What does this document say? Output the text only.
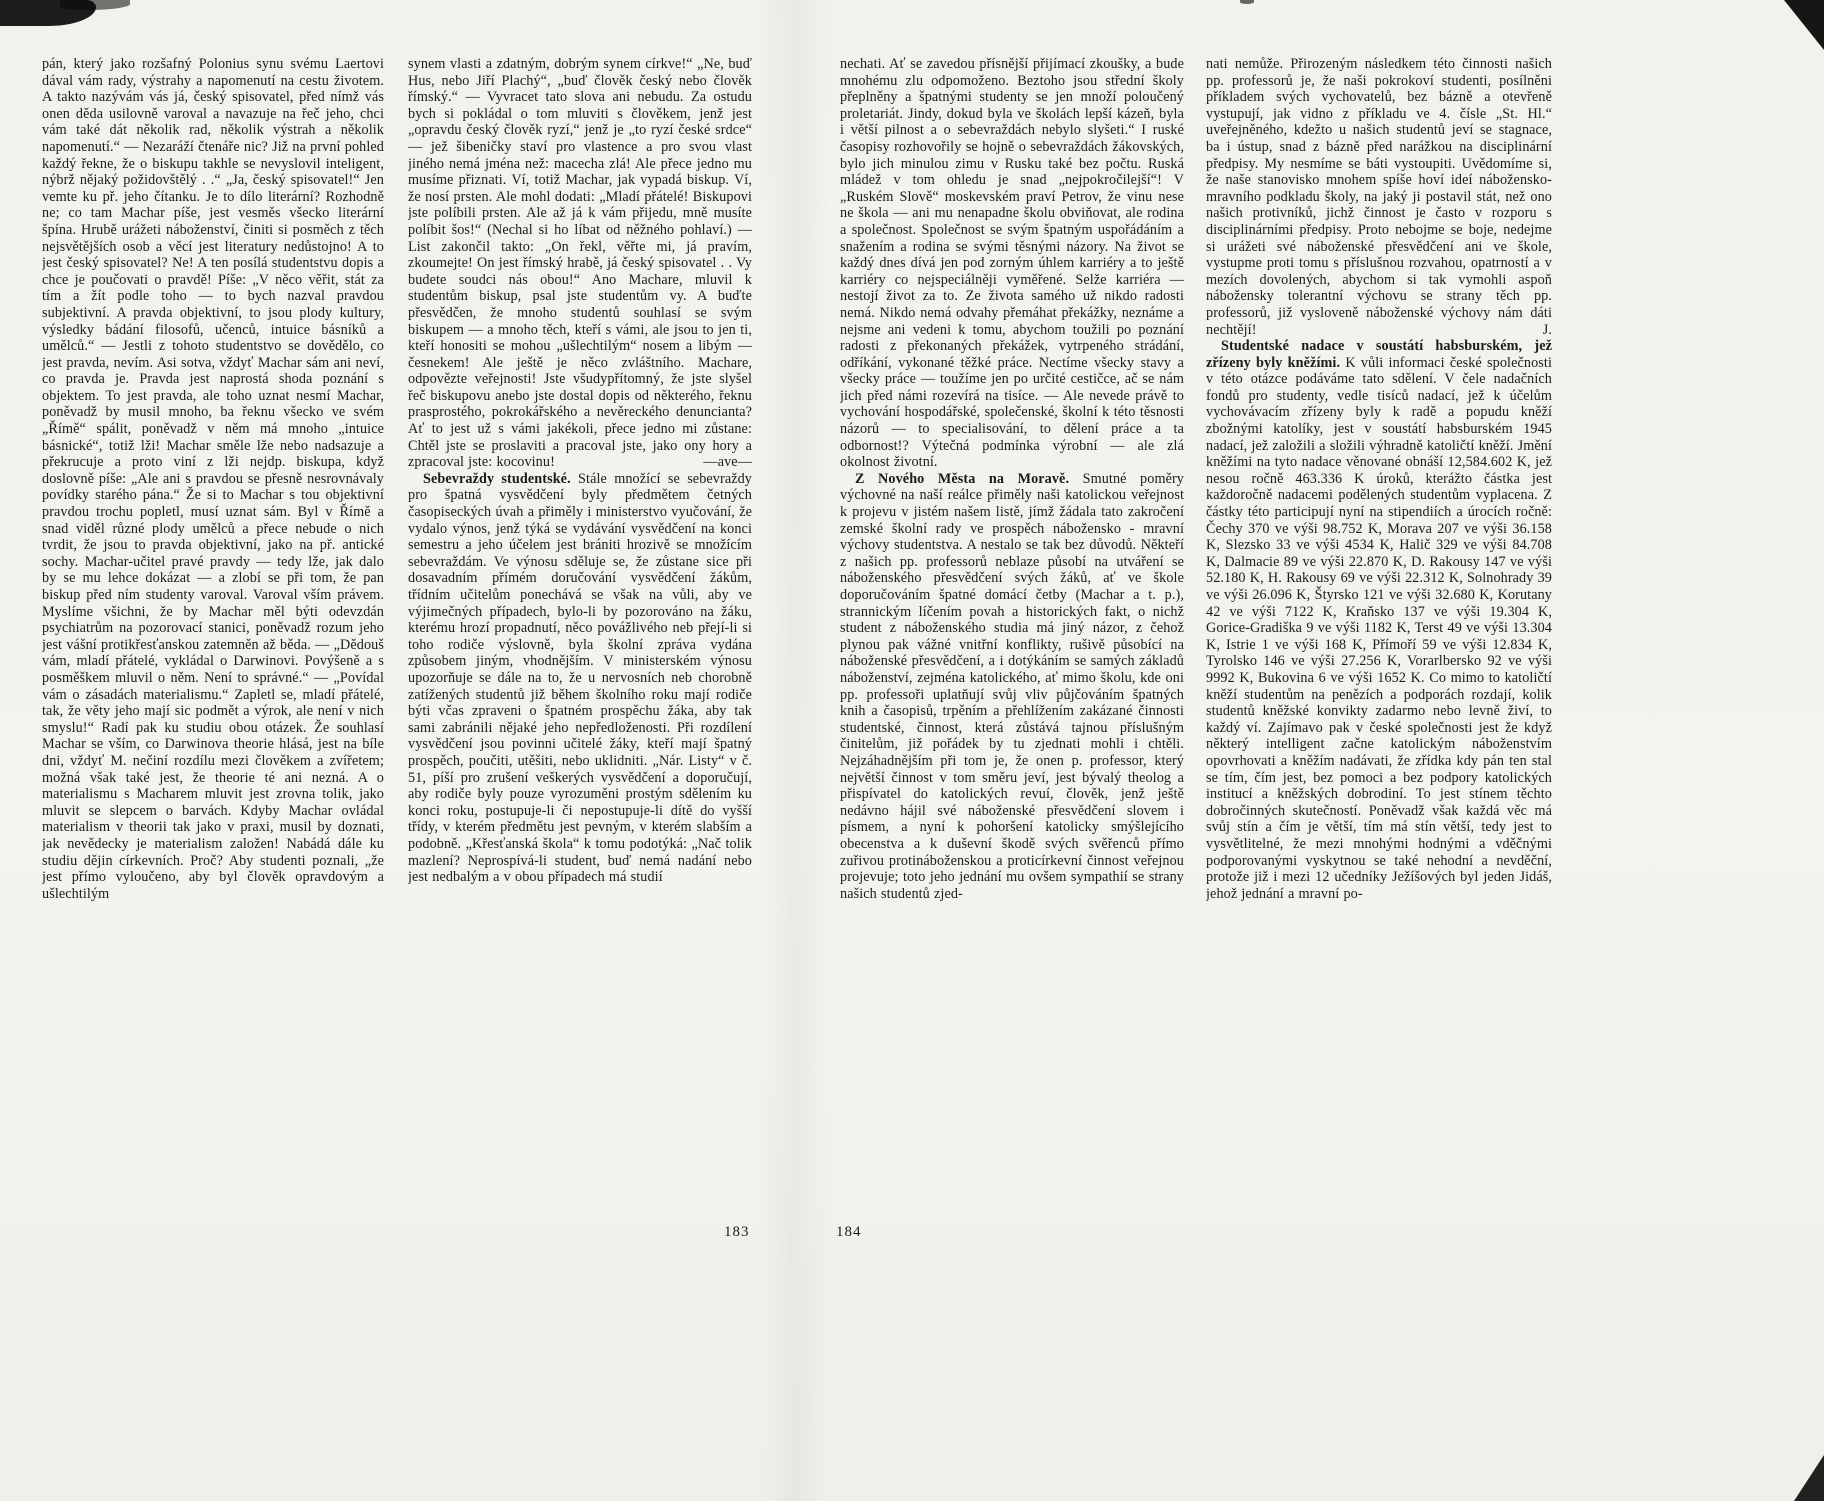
pán, který jako rozšafný Polonius synu svému Laertovi dával vám rady, výstrahy a napomenutí na cestu životem. A takto nazývám vás já, český spisovatel, před nímž vás onen děda usilovně varoval a navazuje na řeč jeho, chci vám také dát několik rad, několik výstrah a několik napomenutí.“ — Nezaráží čtenáře nic? Již na první pohled každý řekne, že o biskupu takhle se nevyslovil inteligent, nýbrž nějaký požidovštělý . .“ „Ja, český spisovatel!“ Jen vemte ku př. jeho čítanku. Je to dílo literární? Rozhodně ne; co tam Machar píše, jest vesměs všecko literární špína. Hrubě urážeti náboženství, činiti si posměch z těch nejsvětějších osob a věcí jest literatury nedůstojno! A to jest český spisovatel? Ne! A ten posílá studentstvu dopis a chce je poučovati o pravdě! Píše: „V něco věřit, stát za tím a žít podle toho — to bych nazval pravdou subjektivní. A pravda objektivní, to jsou plody kultury, výsledky bádání filosofů, učenců, intuice básníků a umělců.“ — Jestli z tohoto studentstvo se dovědělo, co jest pravda, nevím. Asi sotva, vždyť Machar sám ani neví, co pravda je. Pravda jest naprostá shoda poznání s objektem. To jest pravda, ale toho uznat nesmí Machar, poněvadž by musil mnoho, ba řeknu všecko ve svém „Římě“ spálit, poněvadž v něm má mnoho „intuice básnické“, totiž lži! Machar směle lže nebo nadsazuje a překrucuje a proto viní z lži nejdp. biskupa, když doslovně píše: „Ale ani s pravdou se přesně nesrovnávaly povídky starého pána.“ Že si to Machar s tou objektivní pravdou trochu popletl, musí uznat sám. Byl v Římě a snad viděl různé plody umělců a přece nebude o nich tvrdit, že jsou to pravda objektivní, jako na př. antické sochy. Machar-učitel pravé pravdy — tedy lže, jak dalo by se mu lehce dokázat — a zlobí se při tom, že pan biskup před ním studenty varoval. Varoval vším právem. Myslíme všichni, že by Machar měl býti odevzdán psychiatrům na pozorovací stanici, poněvadž rozum jeho jest vášní protikřesťanskou zatemněn až běda. — „Dědouš vám, mladí přátelé, vykládal o Darwinovi. Povýšeně a s posměškem mluvil o něm. Není to správné.“ — „Povídal vám o zásadách materialismu.“ Zapletl se, mladí přátelé, tak, že věty jeho mají sic podmět a výrok, ale není v nich smyslu!“ Radí pak ku studiu obou otázek. Že souhlasí Machar se vším, co Darwinova theorie hlásá, jest na bíle dni, vždyť M. nečiní rozdílu mezi člověkem a zvířetem; možná však také jest, že theorie té ani nezná. A o materialismu s Macharem mluvit jest zrovna tolik, jako mluvit se slepcem o barvách. Kdyby Machar ovládal materialism v theorii tak jako v praxi, musil by doznati, jak nevědecky je materialism založen! Nabádá dále ku studiu dějin církevních. Proč? Aby studenti poznali, „že jest přímo vyloučeno, aby byl člověk opravdovým a ušlechtilým

synem vlasti a zdatným, dobrým synem církve!“ „Ne, buď Hus, nebo Jiří Plachý“, „buď člověk český nebo člověk římský.“ — Vyvracet tato slova ani nebudu. Za ostudu bych si pokládal o tom mluviti s člověkem, jenž jest „opravdu český člověk ryzí,“ jenž je „to ryzí české srdce“ — jež šibeničky staví pro vlastence a pro svou vlast jiného nemá jména než: macecha zlá! Ale přece jedno mu musíme přiznati. Ví, totiž Machar, jak vypadá biskup. Ví, že nosí prsten. Ale mohl dodati: „Mladí přátelé! Biskupovi jste políbili prsten. Ale až já k vám přijedu, mně musíte políbit šos!“ (Nechal si ho líbat od něžného pohlaví.) — List zakončil takto: „On řekl, věřte mi, já pravím, zkoumejte! On jest římský hrabě, já český spisovatel . . Vy budete soudci nás obou!“ Ano Machare, mluvil k studentům biskup, psal jste studentům vy. A buďte přesvědčen, že mnoho studentů souhlasí se svým biskupem — a mnoho těch, kteří s vámi, ale jsou to jen ti, kteří honositi se mohou „ušlechtilým“ nosem a libým — česnekem! Ale ještě je něco zvláštního. Machare, odpovězte veřejnosti! Jste všudypřítomný, že jste slyšel řeč biskupovu anebo jste dostal dopis od některého, řeknu prasprostého, pokrokářského a nevěreckého denuncianta? Ať to jest už s vámi jakékoli, přece jedno mi zůstane: Chtěl jste se proslaviti a pracoval jste, jako ony hory a zpracoval jste: kocovinu!	—ave—

Sebevraždy studentské. Stále množící se sebevraždy pro špatná vysvědčení byly předmětem četných časopiseckých úvah a přiměly i ministerstvo vyučování, že vydalo výnos, jenž týká se vydávání vysvědčení na konci semestru a jeho účelem jest brániti hrozivě se množícím sebevraždám. Ve výnosu sděluje se, že zůstane sice při dosavadním přímém doručování vysvědčení žákům, třídním učitelům ponechává se však na vůli, aby ve výjimečných případech, bylo-li by pozorováno na žáku, kterému hrozí propadnutí, něco povážlivého neb přejí-li si toho rodiče výslovně, byla školní zpráva vydána způsobem jiným, vhodnějším. V ministerském výnosu upozorňuje se dále na to, že u nervosních neb chorobně zatížených studentů již během školního roku mají rodiče býti včas zpraveni o špatném prospěchu žáka, aby tak sami zabránili nějaké jeho nepředloženosti. Při rozdílení vysvědčení jsou povinni učitelé žáky, kteří mají špatný prospěch, poučiti, utěšiti, nebo uklidniti. „Nár. Listy“ v č. 51, píší pro zrušení veškerých vysvědčení a doporučují, aby rodiče byly pouze vyrozuměni prostým sdělením ku konci roku, postupuje-li či nepostupuje-li dítě do vyšší třídy, v kterém předmětu jest pevným, v kterém slabším a podobně. „Křesťanská škola“ k tomu podotýká: „Nač tolik mazlení? Neprospívá-li student, buď nemá nadání nebo jest nedbalým a v obou případech má studií

183

nechati. Ať se zavedou přísnější přijímací zkoušky, a bude mnohému zlu odpomoženo. Beztoho jsou střední školy přeplněny a špatnými studenty se jen množí poloučený proletariát. Jindy, dokud byla ve školách lepší kázeň, byla i větší pilnost a o sebevraždách nebylo slyšeti.“ I ruské časopisy rozhovořily se hojně o sebevraždách žákovských, bylo jich minulou zimu v Rusku také bez počtu. Ruská mládež v tom ohledu je snad „nejpokročilejší“! V „Ruském Slově“ moskevském praví Petrov, že vinu nese ne škola — ani mu nenapadne školu obviňovat, ale rodina a společnost. Společnost se svým špatným uspořádáním a snažením a rodina se svými těsnými názory. Na život se každý dnes dívá jen pod zorným úhlem karriéry a to ještě karriéry co nejspeciálněji vyměřené. Selže karriéra — nestojí život za to. Ze života samého už nikdo radosti nemá. Nikdo nemá odvahy přemáhat překážky, neznáme a nejsme ani vedeni k tomu, abychom toužili po poznání radosti z překonaných překážek, vytrpeného strádání, odříkání, vykonané těžké práce. Nectíme všecky stavy a všecky práce — toužíme jen po určité cestičce, ač se nám jich před námi rozevírá na tisíce. — Ale nevede právě to vychování hospodářské, společenské, školní k této těsnosti názorů — to specialisování, to dělení práce a ta odbornost!? Výtečná podmínka výrobní — ale zlá okolnost životní.

Z Nového Města na Moravě. Smutné poměry výchovné na naší reálce přiměly naši katolickou veřejnost k projevu v jistém našem listě, jímž žádala tato zakročení zemské školní rady ve prospěch nábožensko - mravní výchovy studentstva. A nestalo se tak bez důvodů. Někteří z našich pp. professorů neblaze působí na utváření se náboženského přesvědčení svých žáků, ať ve škole doporučováním špatné domácí četby (Machar a t. p.), strannickým líčením povah a historických fakt, o nichž student z náboženského studia má jiný názor, z čehož plynou pak vážné vnitřní konflikty, rušivě působící na náboženské přesvědčení, a i dotýkáním se samých základů náboženství, zejména katolického, ať mimo školu, kde oni pp. professoři uplatňují svůj vliv půjčováním špatných knih a časopisů, trpěním a přehlížením zakázané činnosti studentské, činnost, která zůstává tajnou příslušným činitelům, již pořádek by tu zjednati mohli i chtěli. Nejzáhadnějším při tom je, že onen p. professor, který největší činnost v tom směru jeví, jest bývalý theolog a přispívatel do katolických revuí, člověk, jenž ještě nedávno hájil své náboženské přesvědčení slovem i písmem, a nyní k pohoršení katolicky smýšlejícího obecenstva a k duševní škodě svých svěřenců přímo zuřivou protináboženskou a proticírkevní činnost veřejnou projevuje; toto jeho jednání mu ovšem sympathií se strany našich studentů zjed-

nati nemůže. Přirozeným následkem této činnosti našich pp. professorů je, že naši pokrokoví studenti, posílněni příkladem svých vychovatelů, bez bázně a otevřeně vystupují, jak vidno z příkladu ve 4. čísle „St. Hl.“ uveřejněného, kdežto u našich studentů jeví se stagnace, ba i ústup, snad z bázně před narážkou na disciplinární předpisy. My nesmíme se báti vystoupiti. Uvědomíme si, že naše stanovisko mnohem spíše hoví ideí nábožensko-mravního podkladu školy, na jaký ji postavil stát, než ono našich protivníků, jichž činnost je často v rozporu s disciplinárními předpisy. Proto nebojme se boje, nedejme si urážeti své náboženské přesvědčení ani ve škole, vystupme proti tomu s příslušnou rozvahou, opatrností a v mezích dovolených, abychom si tak vymohli aspoň nábožensky tolerantní výchovu se strany těch pp. professorů, již vysloveně náboženské výchovy nám dáti nechtějí!	J.

Studentské nadace v soustátí habsburském, jež zřízeny byly kněžími. K vůli informaci české společnosti v této otázce podáváme tato sdělení. V čele nadačních fondů pro studenty, vedle tisíců nadací, jež k účelům vychovávacím zřízeny byly k radě a popudu kněží zbožnými katolíky, jest v soustátí habsburském 1945 nadací, jež založili a složili výhradně katoličtí kněží. Jmění kněžími na tyto nadace věnované obnáší 12,584.602 K, jež nesou ročně 463.336 K úroků, kterážto částka jest každoročně nadacemi podělených studentům vyplacena. Z částky této participují nyní na stipendiích a úrocích ročně: Čechy 370 ve výši 98.752 K, Morava 207 ve výši 36.158 K, Slezsko 33 ve výši 4534 K, Halič 329 ve výši 84.708 K, Dalmacie 89 ve výši 22.870 K, D. Rakousy 147 ve výši 52.180 K, H. Rakousy 69 ve výši 22.312 K, Solnohrady 39 ve výši 26.096 K, Štyrsko 121 ve výši 32.680 K, Korutany 42 ve výši 7122 K, Kraňsko 137 ve výši 19.304 K, Gorice-Gradiška 9 ve výši 1182 K, Terst 49 ve výši 13.304 K, Istrie 1 ve výši 168 K, Přímoří 59 ve výši 12.834 K, Tyrolsko 146 ve výši 27.256 K, Vorarlbersko 92 ve výši 9992 K, Bukovina 6 ve výši 1652 K. Co mimo to katoličtí kněží studentům na penězích a podporách rozdají, kolik studentů kněžské konvikty zadarmo nebo levně živí, to každý ví. Zajímavo pak v české společnosti jest že když některý intelligent začne katolickým náboženstvím opovrhovati a kněžím nadávati, že zřídka kdy pán ten stal se tím, čím jest, bez pomoci a bez podpory katolických institucí a kněžských dobrodiní. To jest stínem těchto dobročinných skutečností. Poněvadž však každá věc má svůj stín a čím je větší, tím má stín větší, tedy jest to vysvětlitelné, že mezi mnohými hodnými a vděčnými podporovanými vyskytnou se také nehodní a nevděční, protože již i mezi 12 učedníky Ježíšových byl jeden Jidáš, jehož jednání a mravní po-

184
